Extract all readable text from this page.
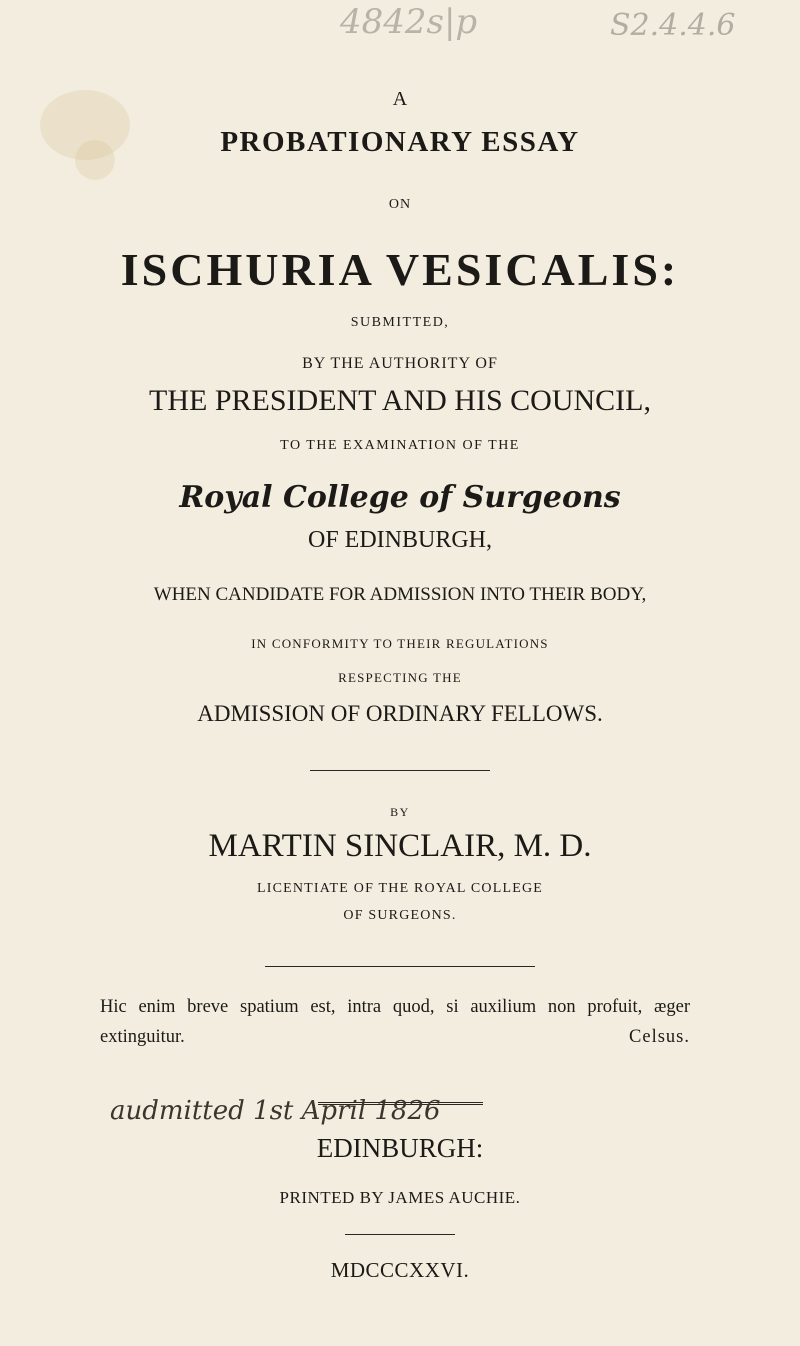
4842s|p	S2.4.4.6
A
PROBATIONARY ESSAY
ON
ISCHURIA VESICALIS:
SUBMITTED,
BY THE AUTHORITY OF
THE PRESIDENT AND HIS COUNCIL,
TO THE EXAMINATION OF THE
Royal College of Surgeons
OF EDINBURGH,
WHEN CANDIDATE FOR ADMISSION INTO THEIR BODY,
IN CONFORMITY TO THEIR REGULATIONS
RESPECTING THE
ADMISSION OF ORDINARY FELLOWS.
BY
MARTIN SINCLAIR, M. D.
LICENTIATE OF THE ROYAL COLLEGE
OF SURGEONS.
Hic enim breve spatium est, intra quod, si auxilium non profuit, æger extinguitur.	Celsus.
audmitted 1st April 1826
EDINBURGH:
PRINTED BY JAMES AUCHIE.
MDCCCXXVI.
